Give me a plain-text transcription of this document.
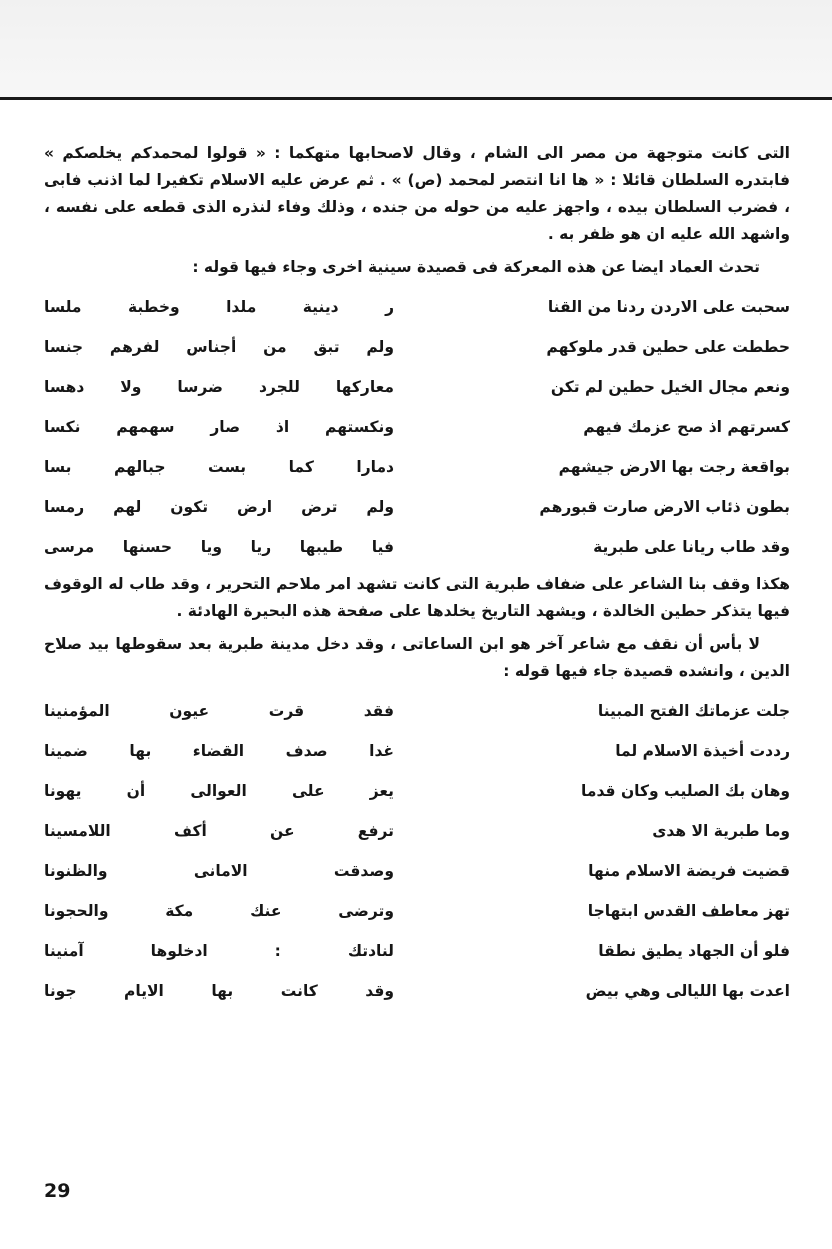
التى كانت متوجهة من مصر الى الشام ، وقال لاصحابها متهكما : « قولوا لمحمدكم يخلصكم » فابتدره السلطان قائلا : « ها انا انتصر لمحمد (ص) » . ثم عرض عليه الاسلام تكفيرا لما اذنب فابى ، فضرب السلطان بيده ، واجهز عليه من حوله من جنده ، وذلك وفاء لنذره الذى قطعه على نفسه ، واشهد الله عليه ان هو ظفر به .

تحدث العماد ايضا عن هذه المعركة فى قصيدة سينية اخرى وجاء فيها قوله :

سحبت على الاردن ردنا من القنا
ر دينية ملدا وخطبة ملسا
حططت على حطين قدر ملوكهم
ولم تبق من أجناس لفرهم جنسا
ونعم مجال الخيل حطين لم تكن
معاركها للجرد ضرسا ولا دهسا
كسرتهم اذ صح عزمك فيهم
ونكستهم اذ صار سهمهم نكسا
بواقعة رجت بها الارض جيشهم
دمارا كما بست جبالهم بسا
بطون ذئاب الارض صارت قبورهم
ولم ترض ارض تكون لهم رمسا
وقد طاب ريانا على طبرية
فيا طيبها ريا ويا حسنها مرسى

هكذا وقف بنا الشاعر على ضفاف طبرية التى كانت تشهد امر ملاحم التحرير ، وقد طاب له الوقوف فيها يتذكر حطين الخالدة ، ويشهد التاريخ يخلدها على صفحة هذه البحيرة الهادئة .

لا بأس أن نقف مع شاعر آخر هو ابن الساعاتى ، وقد دخل مدينة طبرية بعد سقوطها بيد صلاح الدين ، وانشده قصيدة جاء فيها قوله :

جلت عزماتك الفتح المبينا
فقد قرت عيون المؤمنينا
رددت أخيذة الاسلام لما
غدا صدف القضاء بها ضمينا
وهان بك الصليب وكان قدما
يعز على العوالى أن يهونا
وما طبرية الا هدى
ترفع عن أكف اللامسينا
قضيت فريضة الاسلام منها
وصدقت الامانى والظنونا
تهز معاطف القدس ابتهاجا
وترضى عنك مكة والحجونا
فلو أن الجهاد يطيق نطقا
لنادتك : ادخلوها آمنينا
اعدت بها الليالى وهي بيض
وقد كانت بها الايام جونا
29
